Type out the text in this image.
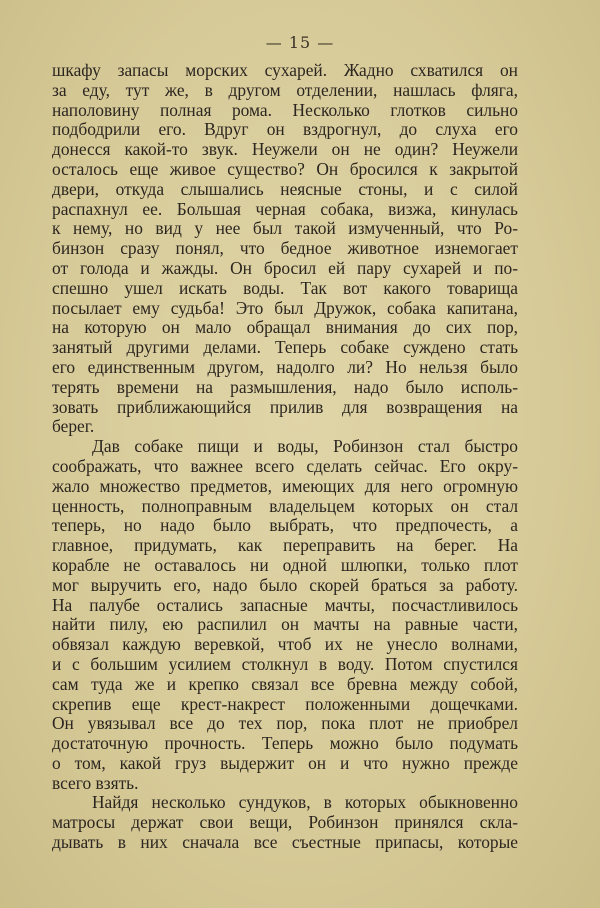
— 15 —
шкафу запасы морских сухарей. Жадно схватился он
за еду, тут же, в другом отделении, нашлась фляга,
наполовину полная рома. Несколько глотков сильно
подбодрили его. Вдруг он вздрогнул, до слуха его
донесся какой-то звук. Неужели он не один? Неужели
осталось еще живое существо? Он бросился к закрытой
двери, откуда слышались неясные стоны, и с силой
распахнул ее. Большая черная собака, визжа, кинулась
к нему, но вид у нее был такой измученный, что Ро-
бинзон сразу понял, что бедное животное изнемогает
от голода и жажды. Он бросил ей пару сухарей и по-
спешно ушел искать воды. Так вот какого товарища
посылает ему судьба! Это был Дружок, собака капитана,
на которую он мало обращал внимания до сих пор,
занятый другими делами. Теперь собаке суждено стать
его единственным другом, надолго ли? Но нельзя было
терять времени на размышления, надо было исполь-
зовать приближающийся прилив для возвращения на
берег.
Дав собаке пищи и воды, Робинзон стал быстро
соображать, что важнее всего сделать сейчас. Его окру-
жало множество предметов, имеющих для него огромную
ценность, полноправным владельцем которых он стал
теперь, но надо было выбрать, что предпочесть, а
главное, придумать, как переправить на берег. На
корабле не оставалось ни одной шлюпки, только плот
мог выручить его, надо было скорей браться за работу.
На палубе остались запасные мачты, посчастливилось
найти пилу, ею распилил он мачты на равные части,
обвязал каждую веревкой, чтоб их не унесло волнами,
и с большим усилием столкнул в воду. Потом спустился
сам туда же и крепко связал все бревна между собой,
скрепив еще крест-накрест положенными дощечками.
Он увязывал все до тех пор, пока плот не приобрел
достаточную прочность. Теперь можно было подумать
о том, какой груз выдержит он и что нужно прежде
всего взять.
Найдя несколько сундуков, в которых обыкновенно
матросы держат свои вещи, Робинзон принялся скла-
дывать в них сначала все съестные припасы, которые
